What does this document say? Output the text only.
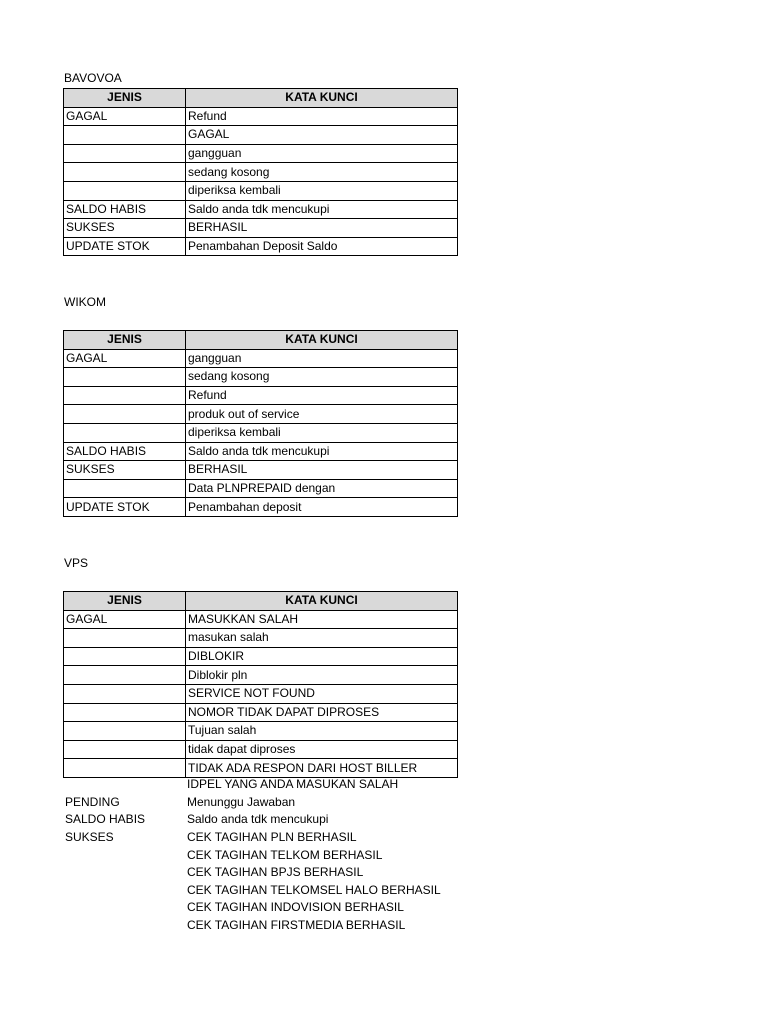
BAVOVOA
JENIS	KATA KUNCI
GAGAL	Refund
	GAGAL
	gangguan
	sedang kosong
	diperiksa kembali
SALDO HABIS	Saldo anda tdk mencukupi
SUKSES	BERHASIL
UPDATE STOK	Penambahan Deposit Saldo
WIKOM
JENIS	KATA KUNCI
GAGAL	gangguan
	sedang kosong
	Refund
	produk out of service
	diperiksa kembali
SALDO HABIS	Saldo anda tdk mencukupi
SUKSES	BERHASIL
	Data PLNPREPAID dengan
UPDATE STOK	Penambahan deposit
VPS
JENIS	KATA KUNCI
GAGAL	MASUKKAN SALAH
	masukan salah
	DIBLOKIR
	Diblokir pln
	SERVICE NOT FOUND
	NOMOR TIDAK DAPAT DIPROSES
	Tujuan salah
	tidak dapat diproses
	TIDAK ADA RESPON DARI HOST BILLER
	IDPEL YANG ANDA MASUKAN SALAH
PENDING	Menunggu Jawaban
SALDO HABIS	Saldo anda tdk mencukupi
SUKSES	CEK TAGIHAN PLN BERHASIL
	CEK TAGIHAN TELKOM BERHASIL
	CEK TAGIHAN BPJS BERHASIL
	CEK TAGIHAN TELKOMSEL HALO BERHASIL
	CEK TAGIHAN INDOVISION BERHASIL
	CEK TAGIHAN FIRSTMEDIA BERHASIL
